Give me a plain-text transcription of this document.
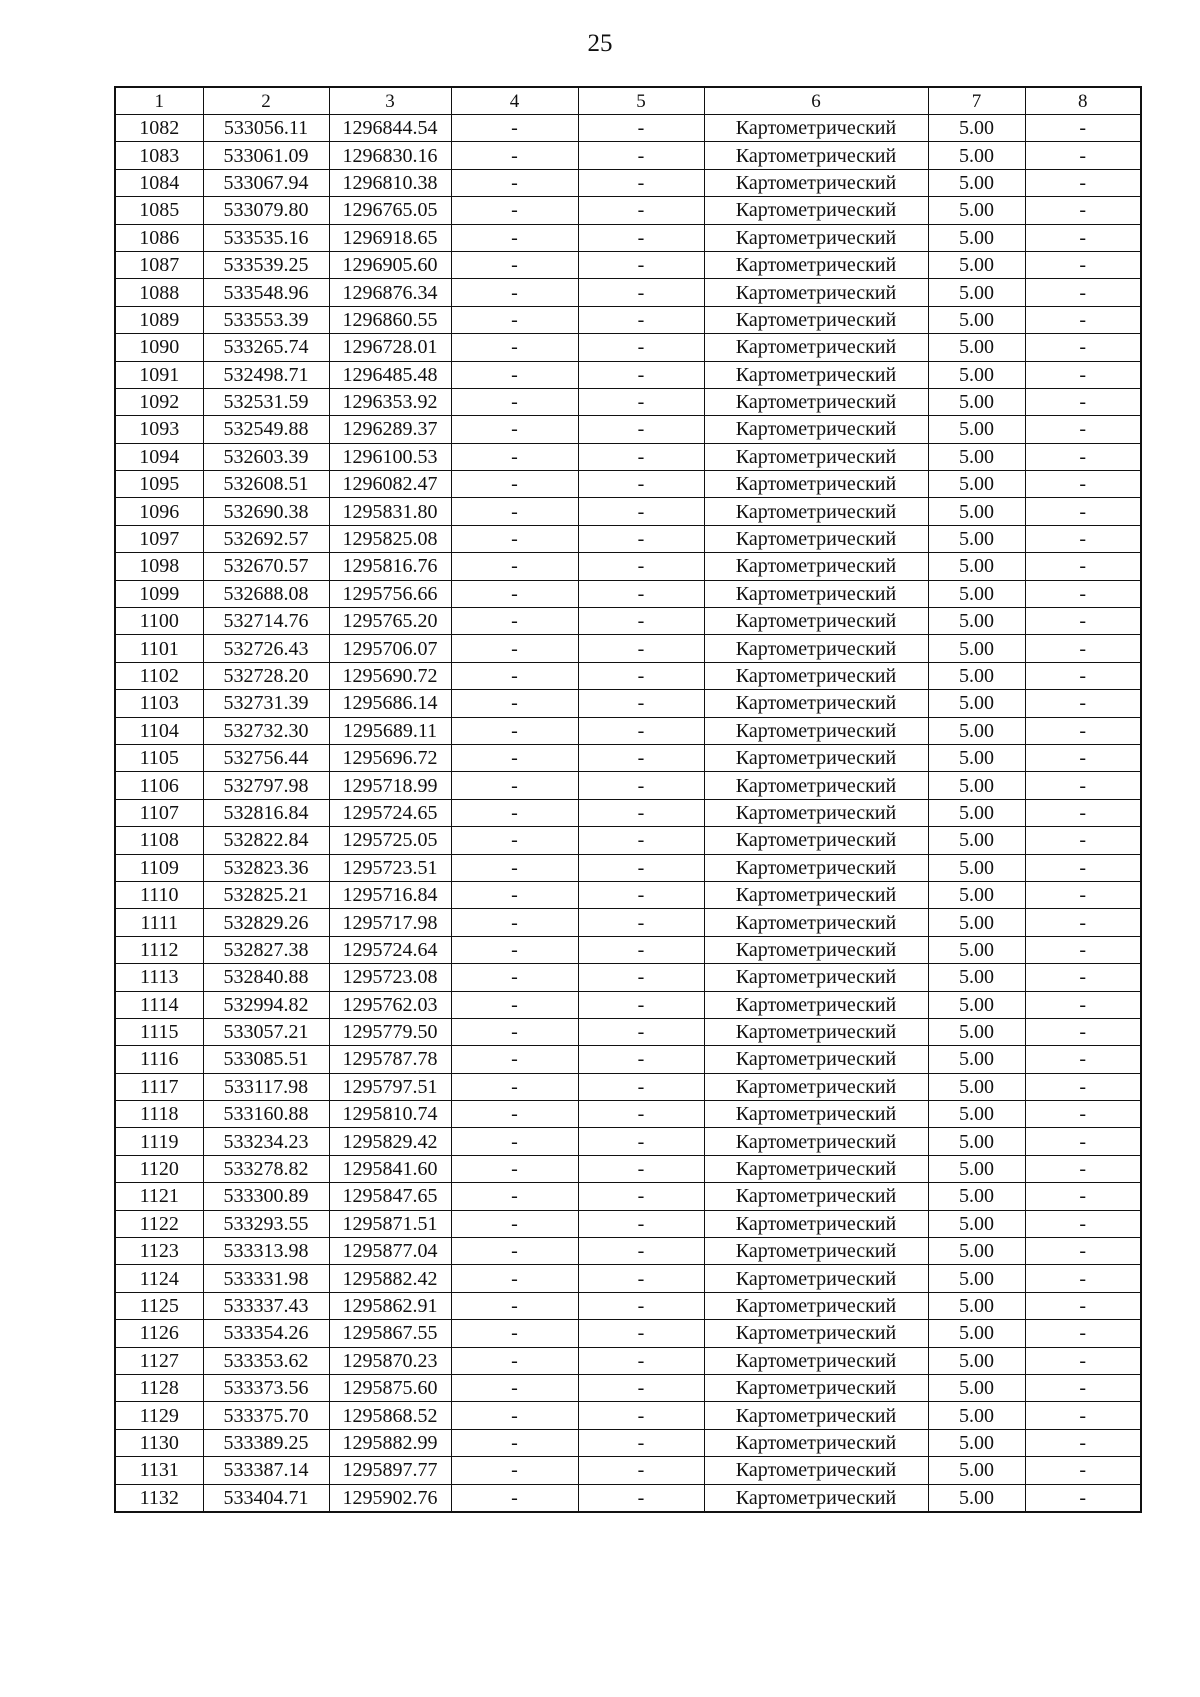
25
1	2	3	4	5	6	7	8
1082	533056.11	1296844.54	-	-	Картометрический	5.00	-
1083	533061.09	1296830.16	-	-	Картометрический	5.00	-
1084	533067.94	1296810.38	-	-	Картометрический	5.00	-
1085	533079.80	1296765.05	-	-	Картометрический	5.00	-
1086	533535.16	1296918.65	-	-	Картометрический	5.00	-
1087	533539.25	1296905.60	-	-	Картометрический	5.00	-
1088	533548.96	1296876.34	-	-	Картометрический	5.00	-
1089	533553.39	1296860.55	-	-	Картометрический	5.00	-
1090	533265.74	1296728.01	-	-	Картометрический	5.00	-
1091	532498.71	1296485.48	-	-	Картометрический	5.00	-
1092	532531.59	1296353.92	-	-	Картометрический	5.00	-
1093	532549.88	1296289.37	-	-	Картометрический	5.00	-
1094	532603.39	1296100.53	-	-	Картометрический	5.00	-
1095	532608.51	1296082.47	-	-	Картометрический	5.00	-
1096	532690.38	1295831.80	-	-	Картометрический	5.00	-
1097	532692.57	1295825.08	-	-	Картометрический	5.00	-
1098	532670.57	1295816.76	-	-	Картометрический	5.00	-
1099	532688.08	1295756.66	-	-	Картометрический	5.00	-
1100	532714.76	1295765.20	-	-	Картометрический	5.00	-
1101	532726.43	1295706.07	-	-	Картометрический	5.00	-
1102	532728.20	1295690.72	-	-	Картометрический	5.00	-
1103	532731.39	1295686.14	-	-	Картометрический	5.00	-
1104	532732.30	1295689.11	-	-	Картометрический	5.00	-
1105	532756.44	1295696.72	-	-	Картометрический	5.00	-
1106	532797.98	1295718.99	-	-	Картометрический	5.00	-
1107	532816.84	1295724.65	-	-	Картометрический	5.00	-
1108	532822.84	1295725.05	-	-	Картометрический	5.00	-
1109	532823.36	1295723.51	-	-	Картометрический	5.00	-
1110	532825.21	1295716.84	-	-	Картометрический	5.00	-
1111	532829.26	1295717.98	-	-	Картометрический	5.00	-
1112	532827.38	1295724.64	-	-	Картометрический	5.00	-
1113	532840.88	1295723.08	-	-	Картометрический	5.00	-
1114	532994.82	1295762.03	-	-	Картометрический	5.00	-
1115	533057.21	1295779.50	-	-	Картометрический	5.00	-
1116	533085.51	1295787.78	-	-	Картометрический	5.00	-
1117	533117.98	1295797.51	-	-	Картометрический	5.00	-
1118	533160.88	1295810.74	-	-	Картометрический	5.00	-
1119	533234.23	1295829.42	-	-	Картометрический	5.00	-
1120	533278.82	1295841.60	-	-	Картометрический	5.00	-
1121	533300.89	1295847.65	-	-	Картометрический	5.00	-
1122	533293.55	1295871.51	-	-	Картометрический	5.00	-
1123	533313.98	1295877.04	-	-	Картометрический	5.00	-
1124	533331.98	1295882.42	-	-	Картометрический	5.00	-
1125	533337.43	1295862.91	-	-	Картометрический	5.00	-
1126	533354.26	1295867.55	-	-	Картометрический	5.00	-
1127	533353.62	1295870.23	-	-	Картометрический	5.00	-
1128	533373.56	1295875.60	-	-	Картометрический	5.00	-
1129	533375.70	1295868.52	-	-	Картометрический	5.00	-
1130	533389.25	1295882.99	-	-	Картометрический	5.00	-
1131	533387.14	1295897.77	-	-	Картометрический	5.00	-
1132	533404.71	1295902.76	-	-	Картометрический	5.00	-
